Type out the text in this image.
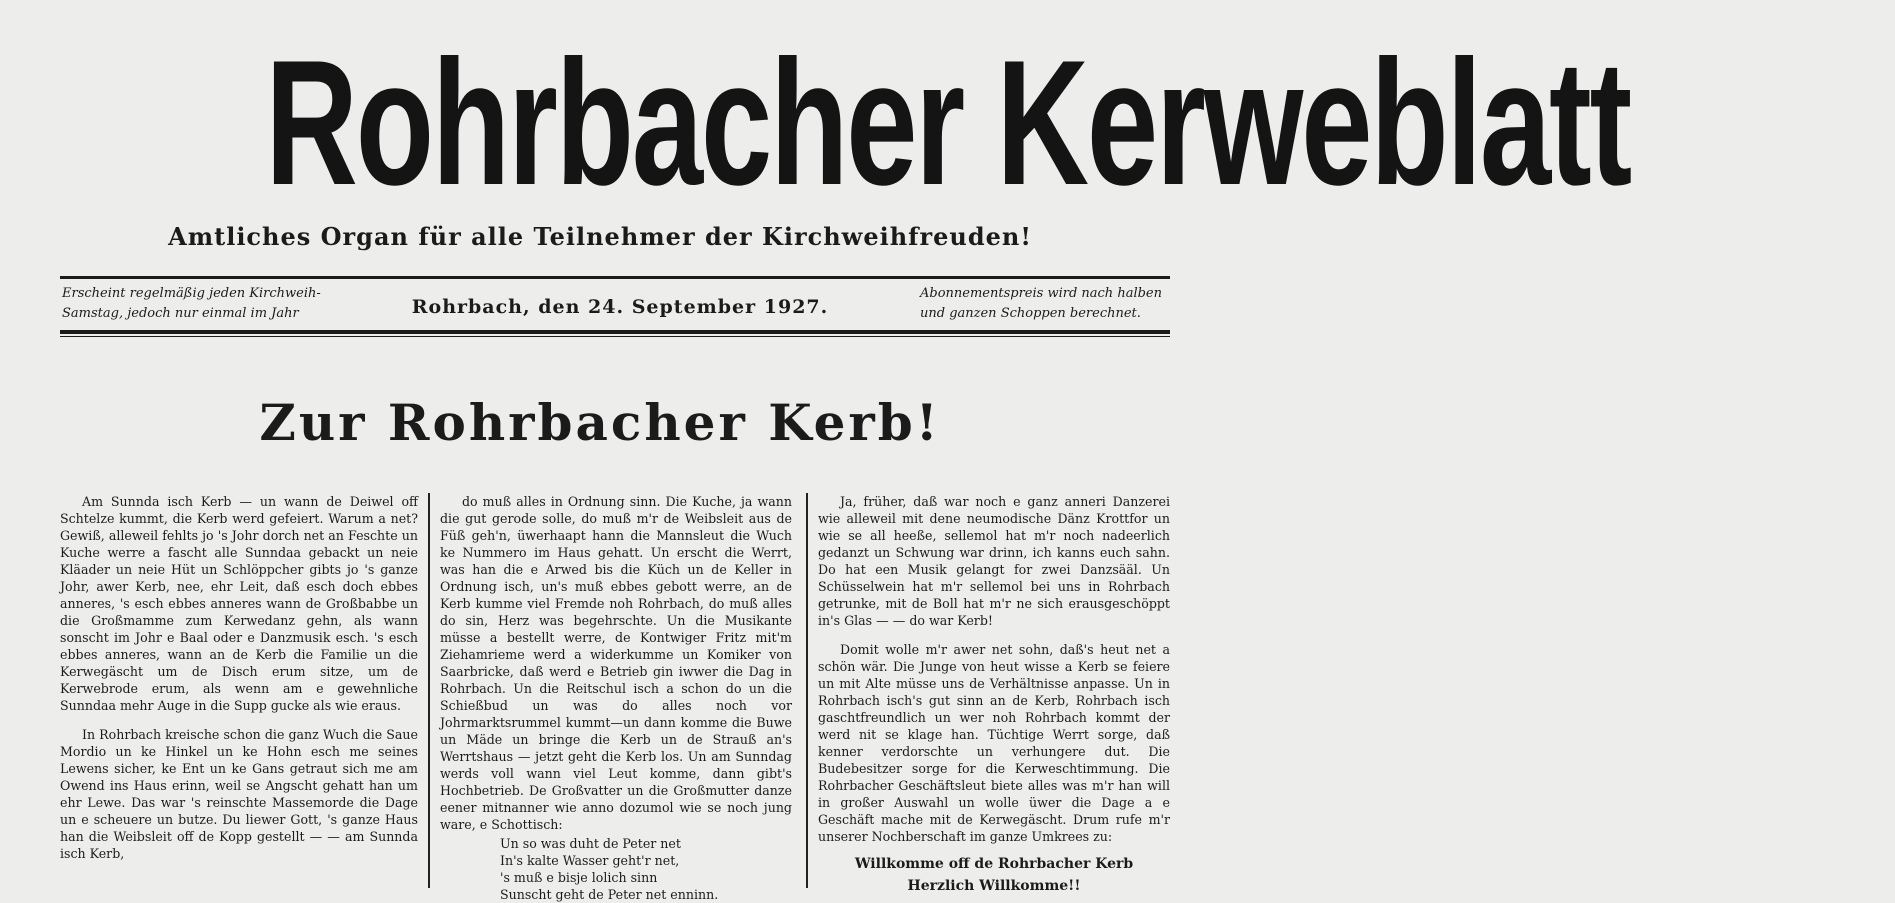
Rohrbacher Kerweblatt
Amtliches Organ für alle Teilnehmer der Kirchweihfreuden!
Erscheint regelmäßig jeden Kirchweih-Samstag, jedoch nur einmal im Jahr	Rohrbach, den 24. September 1927.
Abonnementspreis wird nach halben und ganzen Schoppen berechnet.
Zur Rohrbacher Kerb!

Am Sunnda isch Kerb — un wann de Deiwel off Schtelze kummt, die Kerb werd gefeiert. Warum a net? Gewiß, alleweil fehlts jo 's Johr dorch net an Feschte un Kuche werre a fascht alle Sunndaa gebackt un neie Kläader un neie Hüt un Schlöppcher gibts jo 's ganze Johr, awer Kerb, nee, ehr Leit, daß esch doch ebbes anneres, 's esch ebbes anneres wann de Großbabbe un die Großmamme zum Kerwedanz gehn, als wann sonscht im Johr e Baal oder e Danzmusik esch. 's esch ebbes anneres, wann an de Kerb die Familie un die Kerwegäscht um de Disch erum sitze, um de Kerwebrode erum, als wenn am e gewehnliche Sunndaa mehr Auge in die Supp gucke als wie eraus.

In Rohrbach kreische schon die ganz Wuch die Saue Mordio un ke Hinkel un ke Hohn esch me seines Lewens sicher, ke Ent un ke Gans getraut sich me am Owend ins Haus erinn, weil se Angscht gehatt han um ehr Lewe. Das war 's reinschte Massemorde die Dage un e scheuere un butze. Du liewer Gott, 's ganze Haus han die Weibsleit off de Kopp gestellt — — am Sunnda isch Kerb,

do muß alles in Ordnung sinn. Die Kuche, ja wann die gut gerode solle, do muß m'r de Weibsleit aus de Füß geh'n, üwerhaapt hann die Mannsleut die Wuch ke Nummero im Haus gehatt. Un erscht die Werrt, was han die e Arwed bis die Küch un de Keller in Ordnung isch, un's muß ebbes gebott werre, an de Kerb kumme viel Fremde noh Rohrbach, do muß alles do sin, Herz was begehrschte. Un die Musikante müsse a bestellt werre, de Kontwiger Fritz mit'm Ziehamrieme werd a widerkumme un Komiker von Saarbricke, daß werd e Betrieb gin iwwer die Dag in Rohrbach. Un die Reitschul isch a schon do un die Schießbud un was do alles noch vor Johrmarktsrummel kummt—un dann komme die Buwe un Mäde un bringe die Kerb un de Strauß an's Werrtshaus — jetzt geht die Kerb los. Un am Sunndag werds voll wann viel Leut komme, dann gibt's Hochbetrieb. De Großvatter un die Großmutter danze eener mitnanner wie anno dozumol wie se noch jung ware, e Schottisch:

Un so was duht de Peter net
In's kalte Wasser geht'r net,
's muß e bisje lolich sinn
Sunscht geht de Peter net enninn.

Ja, früher, daß war noch e ganz anneri Danzerei wie alleweil mit dene neumodische Dänz Krottfor un wie se all heeße, sellemol hat m'r noch nadeerlich gedanzt un Schwung war drinn, ich kanns euch sahn. Do hat een Musik gelangt for zwei Danzsääl. Un Schüsselwein hat m'r sellemol bei uns in Rohrbach getrunke, mit de Boll hat m'r ne sich erausgeschöppt in's Glas — — do war Kerb!

Domit wolle m'r awer net sohn, daß's heut net a schön wär. Die Junge von heut wisse a Kerb se feiere un mit Alte müsse uns de Verhältnisse anpasse. Un in Rohrbach isch's gut sinn an de Kerb, Rohrbach isch gaschtfreundlich un wer noh Rohrbach kommt der werd nit se klage han. Tüchtige Werrt sorge, daß kenner verdorschte un verhungere dut. Die Budebesitzer sorge for die Kerweschtimmung. Die Rohrbacher Geschäftsleut biete alles was m'r han will in großer Auswahl un wolle üwer die Dage a e Geschäft mache mit de Kerwegäscht. Drum rufe m'r unserer Nochberschaft im ganze Umkrees zu:

Willkomme off de Rohrbacher Kerb
Herzlich Willkomme!!
